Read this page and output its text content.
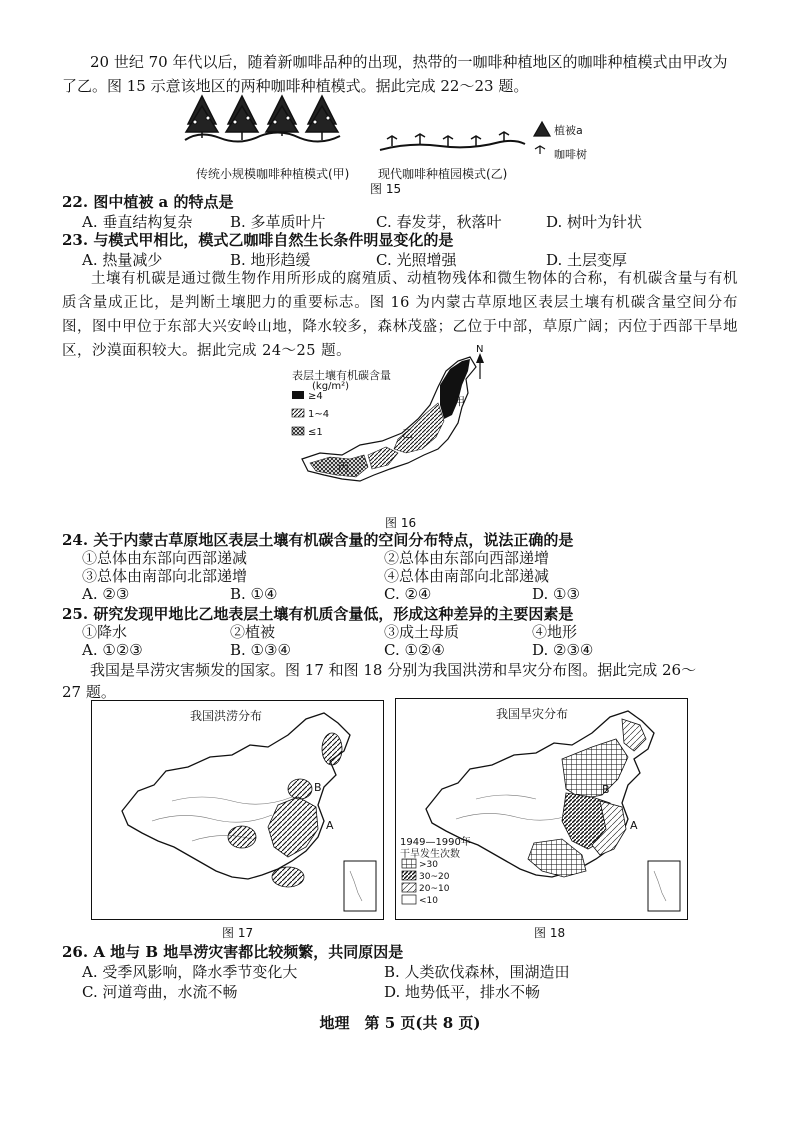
20 世纪 70 年代以后，随着新咖啡品种的出现，热带的一咖啡种植地区的咖啡种植模式由甲改为
了乙。图 15 示意该地区的两种咖啡种植模式。据此完成 22～23 题。
植被a
咖啡树
传统小规模咖啡种植模式(甲) 现代咖啡种植园模式(乙)
图 15
22. 图中植被 a 的特点是
A. 垂直结构复杂	B. 多革质叶片	C. 春发芽，秋落叶	D. 树叶为针状
23. 与模式甲相比，模式乙咖啡自然生长条件明显变化的是
A. 热量减少	B. 地形趋缓	C. 光照增强	D. 土层变厚
土壤有机碳是通过微生物作用所形成的腐殖质、动植物残体和微生物体的合称，有机碳含量与有机质含量成正比，是判断土壤肥力的重要标志。图 16 为内蒙古草原地区表层土壤有机碳含量空间分布图，图中甲位于东部大兴安岭山地，降水较多，森林茂盛；乙位于中部，草原广阔；丙位于西部干旱地区，沙漠面积较大。据此完成 24～25 题。
≥4
1~4
≤1
N
甲
乙
丙
表层土壤有机碳含量
(kg/m²)
图 16
24. 关于内蒙古草原地区表层土壤有机碳含量的空间分布特点，说法正确的是
①总体由东部向西部递减	②总体由东部向西部递增
③总体由南部向北部递增	④总体由南部向北部递减
A. ②③	B. ①④	C. ②④	D. ①③
25. 研究发现甲地比乙地表层土壤有机质含量低，形成这种差异的主要因素是
①降水	②植被	③成土母质	④地形
A. ①②③	B. ①③④	C. ①②④	D. ②③④
我国是旱涝灾害频发的国家。图 17 和图 18 分别为我国洪涝和旱灾分布图。据此完成 26～
27 题。
A
B
我国洪涝分布
图 17
>30
30~20
20~10
<10
A
B
我国旱灾分布
1949—1990年
干旱发生次数
图 18
26. A 地与 B 地旱涝灾害都比较频繁，共同原因是
A. 受季风影响，降水季节变化大	B. 人类砍伐森林，围湖造田
C. 河道弯曲，水流不畅	D. 地势低平，排水不畅
地理　第 5 页(共 8 页)
